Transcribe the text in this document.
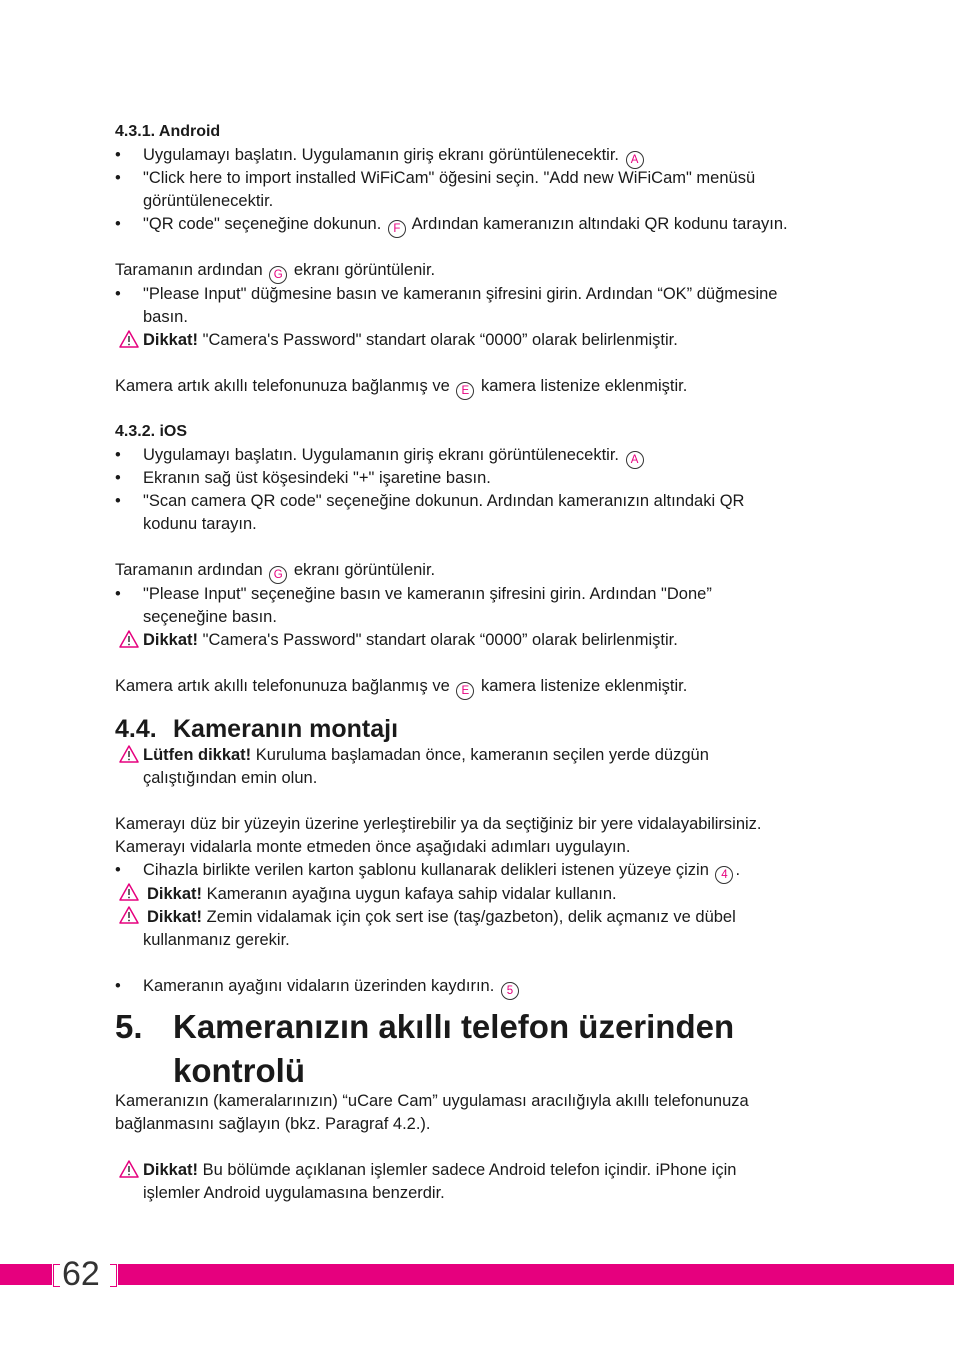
4.3.1. Android
• Uygulamayı başlatın. Uygulamanın giriş ekranı görüntülenecektir. A
• "Click here to import installed WiFiCam" öğesini seçin. "Add new WiFiCam" menüsü
görüntülenecektir.
• "QR code" seçeneğine dokunun. F Ardından kameranızın altındaki QR kodunu tarayın.
Taramanın ardından G ekranı görüntülenir.
• "Please Input" düğmesine basın ve kameranın şifresini girin. Ardından “OK” düğmesine
basın.
Dikkat! "Camera's Password" standart olarak “0000” olarak belirlenmiştir.
Kamera artık akıllı telefonunuza bağlanmış ve E kamera listenize eklenmiştir.
4.3.2. iOS
• Uygulamayı başlatın. Uygulamanın giriş ekranı görüntülenecektir. A
• Ekranın sağ üst köşesindeki "+" işaretine basın.
• "Scan camera QR code" seçeneğine dokunun. Ardından kameranızın altındaki QR
kodunu tarayın.
Taramanın ardından G ekranı görüntülenir.
• "Please Input" seçeneğine basın ve kameranın şifresini girin. Ardından "Done”
seçeneğine basın.
Dikkat! "Camera's Password" standart olarak “0000” olarak belirlenmiştir.
Kamera artık akıllı telefonunuza bağlanmış ve E kamera listenize eklenmiştir.
4.4. Kameranın montajı
Lütfen dikkat! Kuruluma başlamadan önce, kameranın seçilen yerde düzgün
çalıştığından emin olun.
Kamerayı düz bir yüzeyin üzerine yerleştirebilir ya da seçtiğiniz bir yere vidalayabilirsiniz.
Kamerayı vidalarla monte etmeden önce aşağıdaki adımları uygulayın.
• Cihazla birlikte verilen karton şablonu kullanarak delikleri istenen yüzeye çizin 4 .
Dikkat! Kameranın ayağına uygun kafaya sahip vidalar kullanın.
Dikkat! Zemin vidalamak için çok sert ise (taş/gazbeton), delik açmanız ve dübel
kullanmanız gerekir.
• Kameranın ayağını vidaların üzerinden kaydırın. 5
5. Kameranızın akıllı telefon üzerinden
kontrolü
Kameranızın (kameralarınızın) “uCare Cam” uygulaması aracılığıyla akıllı telefonunuza
bağlanmasını sağlayın (bkz. Paragraf 4.2.).
Dikkat! Bu bölümde açıklanan işlemler sadece Android telefon içindir. iPhone için
işlemler Android uygulamasına benzerdir.
62
